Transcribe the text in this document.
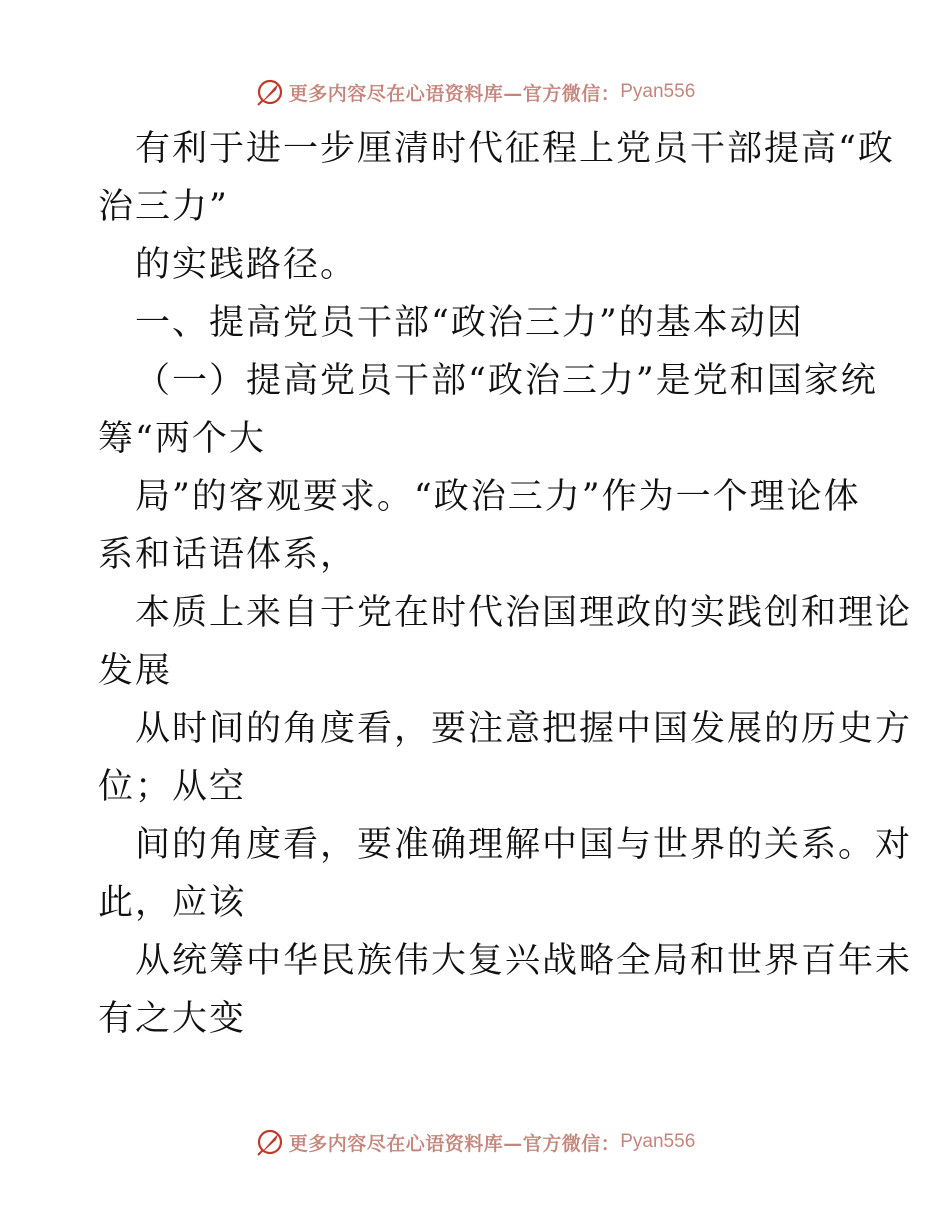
更多内容尽在心语资料库—官方微信： Pyan556
有利于进一步厘清时代征程上党员干部提高“政
治三力”
的实践路径。
一、提高党员干部“政治三力”的基本动因
（一）提高党员干部“政治三力”是党和国家统
筹“两个大
局”的客观要求。“政治三力”作为一个理论体
系和话语体系，
本质上来自于党在时代治国理政的实践创和理论
发展
从时间的角度看，要注意把握中国发展的历史方
位；从空
间的角度看，要准确理解中国与世界的关系。对
此，应该
从统筹中华民族伟大复兴战略全局和世界百年未
有之大变
更多内容尽在心语资料库—官方微信： Pyan556
